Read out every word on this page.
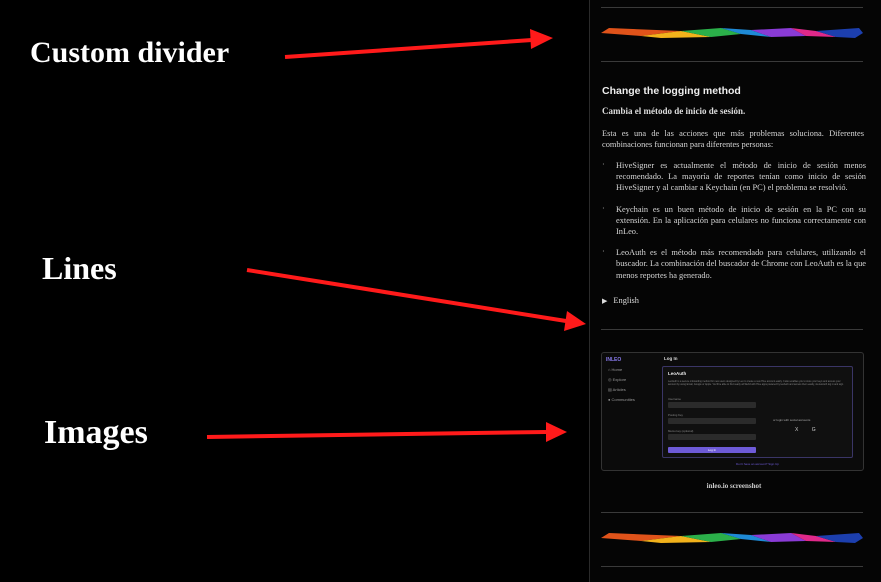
Custom divider
Lines
Images
Change the logging method
Cambia el método de inicio de sesión.
Esta es una de las acciones que más problemas soluciona. Diferentes combinaciones funcionan para diferentes personas:
· HiveSigner es actualmente el método de inicio de sesión menos recomendado. La mayoría de reportes tenían como inicio de sesión HiveSigner y al cambiar a Keychain (en PC) el problema se resolvió.
· Keychain es un buen método de inicio de sesión en la PC con su extensión. En la aplicación para celulares no funciona correctamente con InLeo.
· LeoAuth es el método más recomendado para celulares, utilizando el buscador. La combinación del buscador de Chrome con LeoAuth es la que menos reportes ha generado.
▶ English
INLEO
⌂ Home
◎ Explore
▤ Articles
● Communities
Log In
LeoAuth
LeoAuth is a secure onboarding method for new users designed by Leo to create a new Hive account easily. It also enables you to store your keys and access your account by using Email, Google or Apple. You'll be able to find nearly all Web3 with Hive apps powered by leoAuth and access them easily, via leoAuth log in and sign
Username
Posting Key
Memo key (optional)
Log In
or login with social accounts
X G
Don't have an account? Sign Up
inleo.io screenshot
